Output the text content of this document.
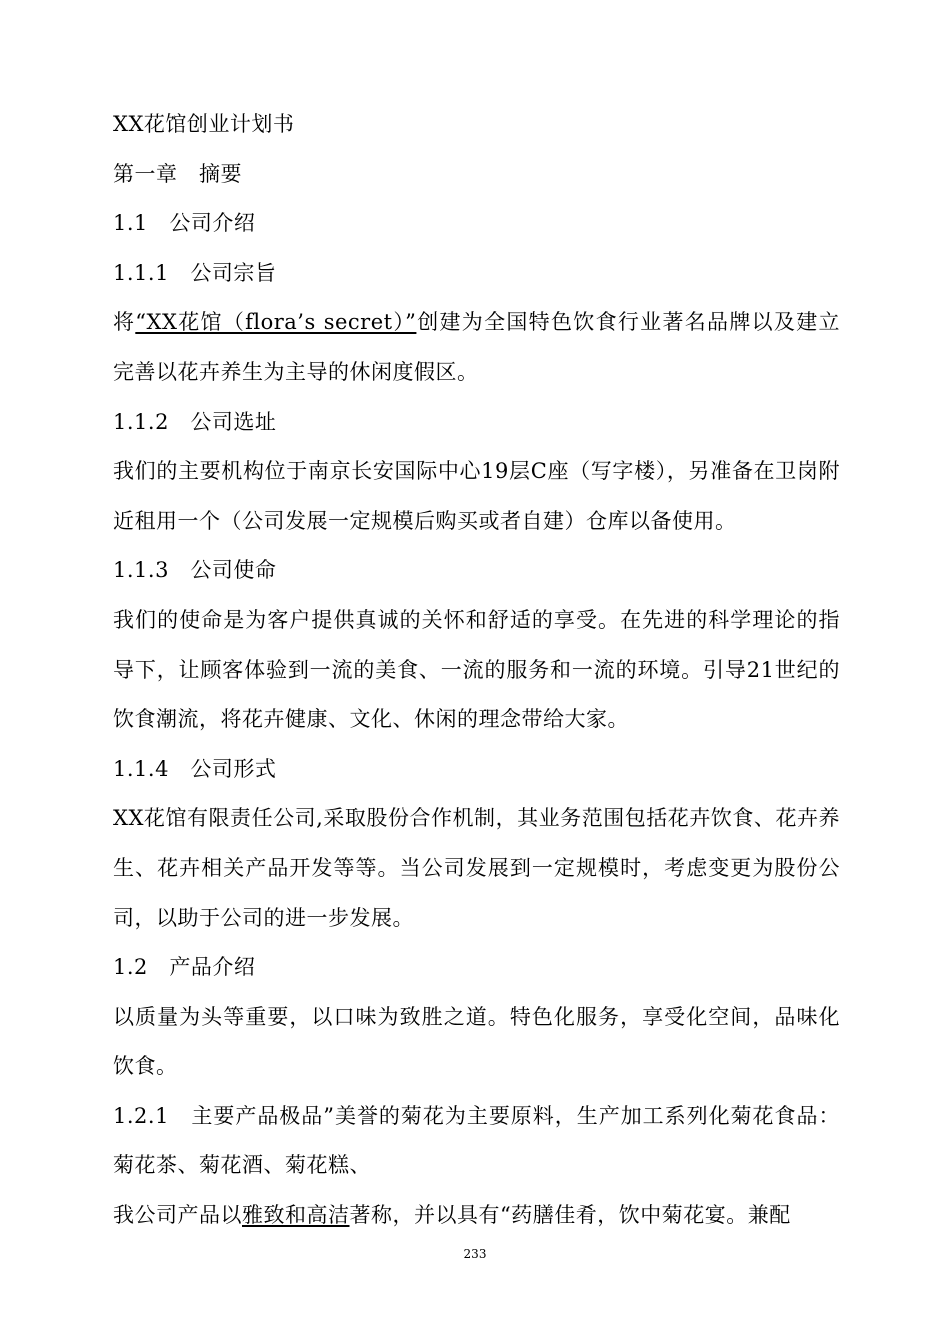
XX花馆创业计划书
第一章　摘要
1.1　公司介绍
1.1.1　公司宗旨
将“XX花馆（flora’s secret）”创建为全国特色饮食行业著名品牌以及建立完善以花卉养生为主导的休闲度假区。
1.1.2　公司选址
我们的主要机构位于南京长安国际中心19层C座（写字楼），另准备在卫岗附近租用一个（公司发展一定规模后购买或者自建）仓库以备使用。
1.1.3　公司使命
我们的使命是为客户提供真诚的关怀和舒适的享受。在先进的科学理论的指导下，让顾客体验到一流的美食、一流的服务和一流的环境。引导21世纪的饮食潮流，将花卉健康、文化、休闲的理念带给大家。
1.1.4　公司形式
XX花馆有限责任公司,采取股份合作机制，其业务范围包括花卉饮食、花卉养生、花卉相关产品开发等等。当公司发展到一定规模时，考虑变更为股份公司，以助于公司的进一步发展。
1.2　产品介绍
以质量为头等重要，以口味为致胜之道。特色化服务，享受化空间，品味化饮食。
1.2.1　主要产品极品”美誉的菊花为主要原料，生产加工系列化菊花食品：菊花茶、菊花酒、菊花糕、
我公司产品以雅致和高洁著称，并以具有“药膳佳肴，饮中菊花宴。兼配
233
